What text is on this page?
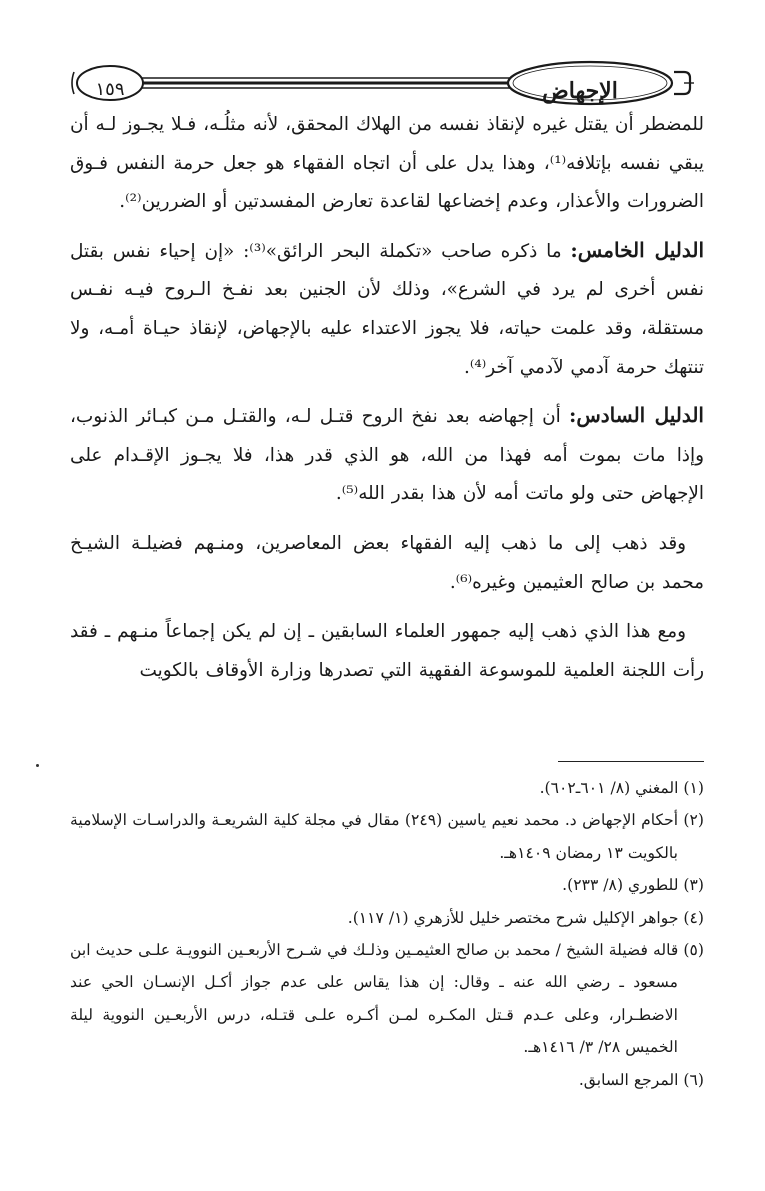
الإجهاض
١٥٩

للمضطر أن يقتل غيره لإنقاذ نفسه من الهلاك المحقق، لأنه مثلُـه، فـلا يجـوز لـه أن يبقي نفسه بإتلافه⁽¹⁾، وهذا يدل على أن اتجاه الفقهاء هو جعل حرمة النفس فـوق الضرورات والأعذار، وعدم إخضاعها لقاعدة تعارض المفسدتين أو الضررين⁽²⁾.

الدليل الخامس: ما ذكره صاحب «تكملة البحر الرائق»⁽³⁾: «إن إحياء نفس بقتل نفس أخرى لم يرد في الشرع»، وذلك لأن الجنين بعد نفـخ الـروح فيـه نفـس مستقلة، وقد علمت حياته، فلا يجوز الاعتداء عليه بالإجهاض، لإنقاذ حيـاة أمـه، ولا تنتهك حرمة آدمي لآدمي آخر⁽⁴⁾.

الدليل السادس: أن إجهاضه بعد نفخ الروح قتـل لـه، والقتـل مـن كبـائر الذنوب، وإذا مات بموت أمه فهذا من الله، هو الذي قدر هذا، فلا يجـوز الإقـدام على الإجهاض حتى ولو ماتت أمه لأن هذا بقدر الله⁽⁵⁾.

وقد ذهب إلى ما ذهب إليه الفقهاء بعض المعاصرين، ومنـهم فضيلـة الشيـخ محمد بن صالح العثيمين وغيره⁽⁶⁾.

ومع هذا الذي ذهب إليه جمهور العلماء السابقين ـ إن لم يكن إجماعاً منـهم ـ فقد رأت اللجنة العلمية للموسوعة الفقهية التي تصدرها وزارة الأوقاف بالكويت

(١) المغني (٨/ ٦٠١ـ٦٠٢).

(٢) أحكام الإجهاض د. محمد نعيم ياسين (٢٤٩) مقال في مجلة كلية الشريعـة والدراسـات الإسلامية بالكويت ١٣ رمضان ١٤٠٩هـ.

(٣) للطوري (٨/ ٢٣٣).

(٤) جواهر الإكليل شرح مختصر خليل للأزهري (١/ ١١٧).

(٥) قاله فضيلة الشيخ / محمد بن صالح العثيمـين وذلـك في شـرح الأربعـين النوويـة علـى حديث ابن مسعود ـ رضي الله عنه ـ وقال: إن هذا يقاس على عدم جواز أكـل الإنسـان الحي عند الاضطـرار، وعلى عـدم قـتل المكـره لمـن أكـره علـى قتـله، درس الأربعـين النووية ليلة الخميس ٢٨/ ٣/ ١٤١٦هـ.

(٦) المرجع السابق.
